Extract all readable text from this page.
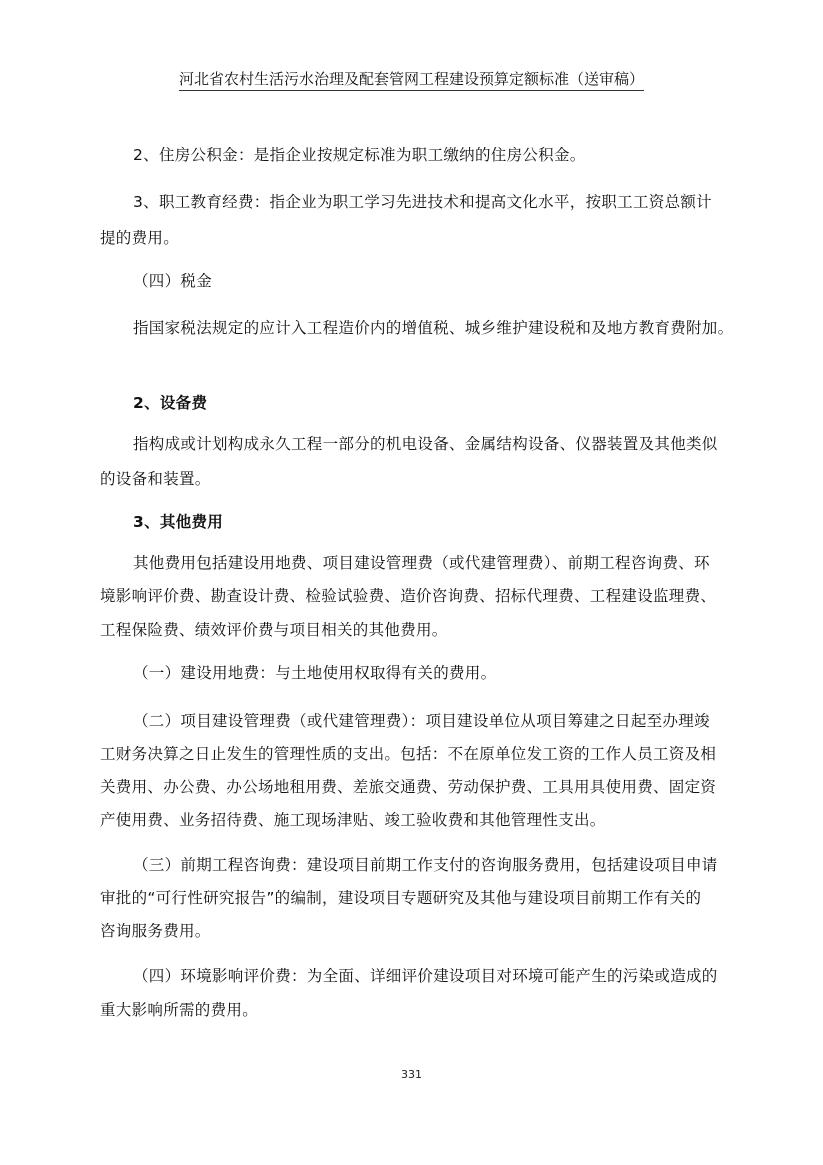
河北省农村生活污水治理及配套管网工程建设预算定额标准（送审稿）
2、住房公积金：是指企业按规定标准为职工缴纳的住房公积金。
3、职工教育经费：指企业为职工学习先进技术和提高文化水平，按职工工资总额计
提的费用。
（四）税金
指国家税法规定的应计入工程造价内的增值税、城乡维护建设税和及地方教育费附加。
2、设备费
指构成或计划构成永久工程一部分的机电设备、金属结构设备、仪器装置及其他类似
的设备和装置。
3、其他费用
其他费用包括建设用地费、项目建设管理费（或代建管理费）、前期工程咨询费、环
境影响评价费、勘查设计费、检验试验费、造价咨询费、招标代理费、工程建设监理费、
工程保险费、绩效评价费与项目相关的其他费用。
（一）建设用地费：与土地使用权取得有关的费用。
（二）项目建设管理费（或代建管理费）：项目建设单位从项目筹建之日起至办理竣
工财务决算之日止发生的管理性质的支出。包括：不在原单位发工资的工作人员工资及相
关费用、办公费、办公场地租用费、差旅交通费、劳动保护费、工具用具使用费、固定资
产使用费、业务招待费、施工现场津贴、竣工验收费和其他管理性支出。
（三）前期工程咨询费：建设项目前期工作支付的咨询服务费用，包括建设项目申请
审批的“可行性研究报告”的编制，建设项目专题研究及其他与建设项目前期工作有关的
咨询服务费用。
（四）环境影响评价费：为全面、详细评价建设项目对环境可能产生的污染或造成的
重大影响所需的费用。
331
